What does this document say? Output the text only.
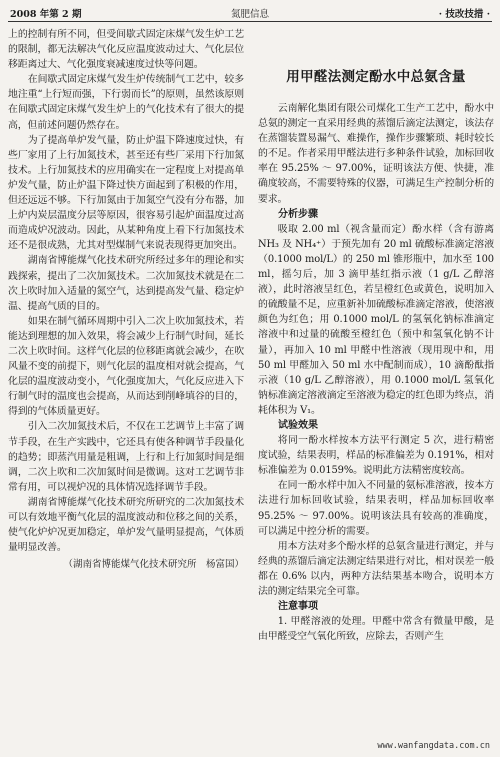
2008 年第 2 期	氮肥信息	· 技改技措 ·

上的控制有所不同，但受间歇式固定床煤气发生炉工艺的限制，都无法解决气化反应温度波动过大、气化层位移距离过大、气化强度衰减速度过快等问题。

在间歇式固定床煤气发生炉传统制气工艺中，较多地注重“上行短而强，下行弱而长”的原则，虽然该原则在间歇式固定床煤气发生炉上的气化技术有了很大的提高，但前述问题仍然存在。

为了提高单炉发气量，防止炉温下降速度过快，有些厂家用了上行加氮技术，甚至还有些厂采用下行加氮技术。上行加氮技术的应用确实在一定程度上对提高单炉发气量，防止炉温下降过快方面起到了积极的作用，但还远远不够。下行加氮由于加氮空气没有分布器，加上炉内炭层温度分层等原因，很容易引起炉面温度过高而造成炉况波动。因此，从某种角度上看下行加氮技术还不是很成熟，尤其对型煤制气来说表现得更加突出。

湖南省博能煤气化技术研究所经过多年的理论和实践探索，提出了二次加氮技术。二次加氮技术就是在二次上吹时加入适量的氮空气，达到提高发气量、稳定炉温、提高气质的目的。

如果在制气循环周期中引入二次上吹加氮技术，若能达到理想的加入效果，将会减少上行制气时间，延长二次上吹时间。这样气化层的位移距离就会减少，在吹风量不变的前提下，则气化层的温度相对就会提高，气化层的温度波动变小，气化强度加大，气化反应进入下行制气时的温度也会提高，从而达到削峰填谷的目的，得到的气体质量更好。

引入二次加氮技术后，不仅在工艺调节上丰富了调节手段，在生产实践中，它还具有使各种调节手段量化的趋势；即蒸汽用量是粗调，上行和上行加氮时间是细调，二次上吹和二次加氮时间是微调。这对工艺调节非常有用，可以视炉况的具体情况选择调节手段。

湖南省博能煤气化技术研究所研究的二次加氮技术可以有效地平衡气化层的温度波动和位移之间的关系，使气化炉炉况更加稳定，单炉发气量明显提高，气体质量明显改善。

（湖南省博能煤气化技术研究所　杨富国）
用甲醛法测定酚水中总氨含量

云南解化集团有限公司煤化工生产工艺中，酚水中总氨的测定一直采用经典的蒸馏后滴定法测定，该法存在蒸馏装置易漏气、难操作，操作步骤繁琐、耗时较长的不足。作者采用甲醛法进行多种条件试验，加标回收率在 95.25% ～ 97.00%，证明该法方便、快捷，准确度较高，不需要特殊的仪器，可满足生产控制分析的要求。

分析步骤

吸取 2.00 ml（视含量而定）酚水样（含有游离 NH₃ 及 NH₄⁺）于预先加有 20 ml 硫酸标准滴定溶液（0.1000 mol/L）的 250 ml 锥形瓶中，加水至 100 ml，摇匀后，加 3 滴甲基红指示液（1 g/L 乙醇溶液），此时溶液呈红色，若呈橙红色或黄色，说明加入的硫酸量不足，应重新补加硫酸标准滴定溶液，使溶液颜色为红色；用 0.1000 mol/L 的氢氧化钠标准滴定溶液中和过量的硫酸至橙红色（预中和氢氧化钠不计量），再加入 10 ml 甲醛中性溶液（现用现中和，用 50 ml 甲醛加入 50 ml 水中配制而成），10 滴酚酞指示液（10 g/L 乙醇溶液），用 0.1000 mol/L 氢氧化钠标准滴定溶液滴定至溶液为稳定的红色即为终点，消耗体积为 V₁。

试验效果

将同一酚水样按本方法平行测定 5 次，进行精密度试验，结果表明，样品的标准偏差为 0.191%，相对标准偏差为 0.0159%。说明此方法精密度较高。

在同一酚水样中加入不同量的氨标准溶液，按本方法进行加标回收试验，结果表明，样品加标回收率 95.25% ～ 97.00%。说明该法具有较高的准确度，可以满足中控分析的需要。

用本方法对多个酚水样的总氨含量进行测定，并与经典的蒸馏后滴定法测定结果进行对比，相对误差一般都在 0.6% 以内，两种方法结果基本吻合，说明本方法的测定结果完全可靠。

注意事项

1. 甲醛溶液的处理。甲醛中常含有微量甲酸，是由甲醛受空气氧化所致，应除去，否则产生

www.wanfangdata.com.cn
